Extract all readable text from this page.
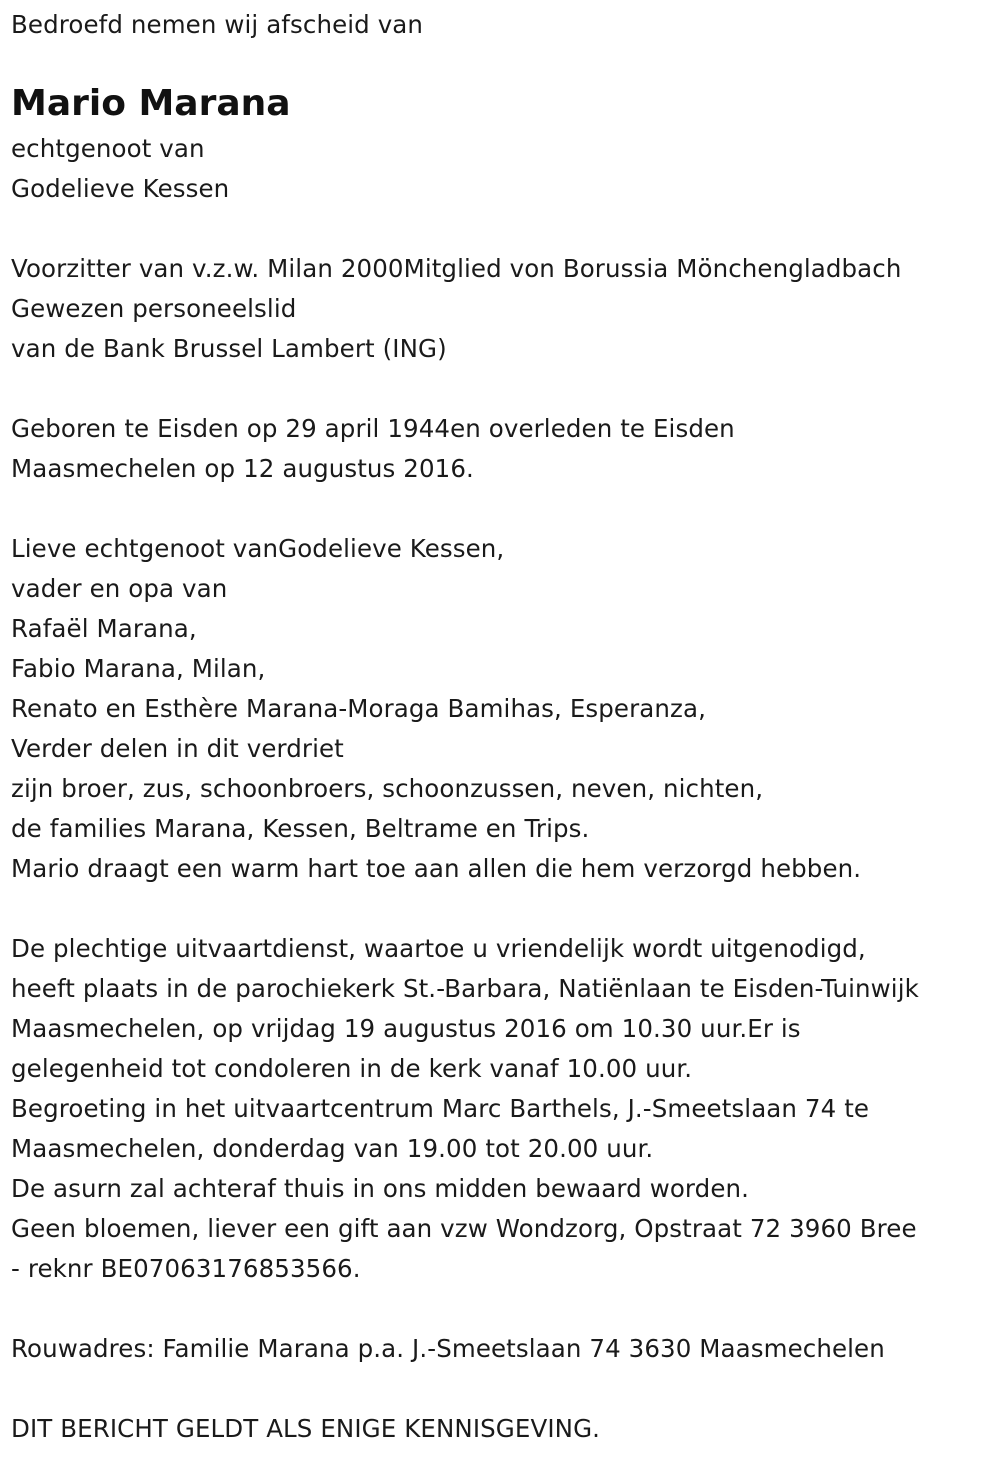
Bedroefd nemen wij afscheid van
Mario Marana
echtgenoot van
Godelieve Kessen
Voorzitter van v.z.w. Milan 2000Mitglied von Borussia Mönchengladbach
Gewezen personeelslid
van de Bank Brussel Lambert (ING)
Geboren te Eisden op 29 april 1944en overleden te Eisden
Maasmechelen op 12 augustus 2016.
Lieve echtgenoot vanGodelieve Kessen,
vader en opa van
Rafaël Marana,
Fabio Marana, Milan,
Renato en Esthère Marana-Moraga Bamihas, Esperanza,
Verder delen in dit verdriet
zijn broer, zus, schoonbroers, schoonzussen, neven, nichten,
de families Marana, Kessen, Beltrame en Trips.
Mario draagt een warm hart toe aan allen die hem verzorgd hebben.
De plechtige uitvaartdienst, waartoe u vriendelijk wordt uitgenodigd,
heeft plaats in de parochiekerk St.-Barbara, Natiënlaan te Eisden-Tuinwijk
Maasmechelen, op vrijdag 19 augustus 2016 om 10.30 uur.Er is
gelegenheid tot condoleren in de kerk vanaf 10.00 uur.
Begroeting in het uitvaartcentrum Marc Barthels, J.-Smeetslaan 74 te
Maasmechelen, donderdag van 19.00 tot 20.00 uur.
De asurn zal achteraf thuis in ons midden bewaard worden.
Geen bloemen, liever een gift aan vzw Wondzorg, Opstraat 72 3960 Bree
- reknr BE07063176853566.
Rouwadres: Familie Marana p.a. J.-Smeetslaan 74 3630 Maasmechelen
DIT BERICHT GELDT ALS ENIGE KENNISGEVING.
